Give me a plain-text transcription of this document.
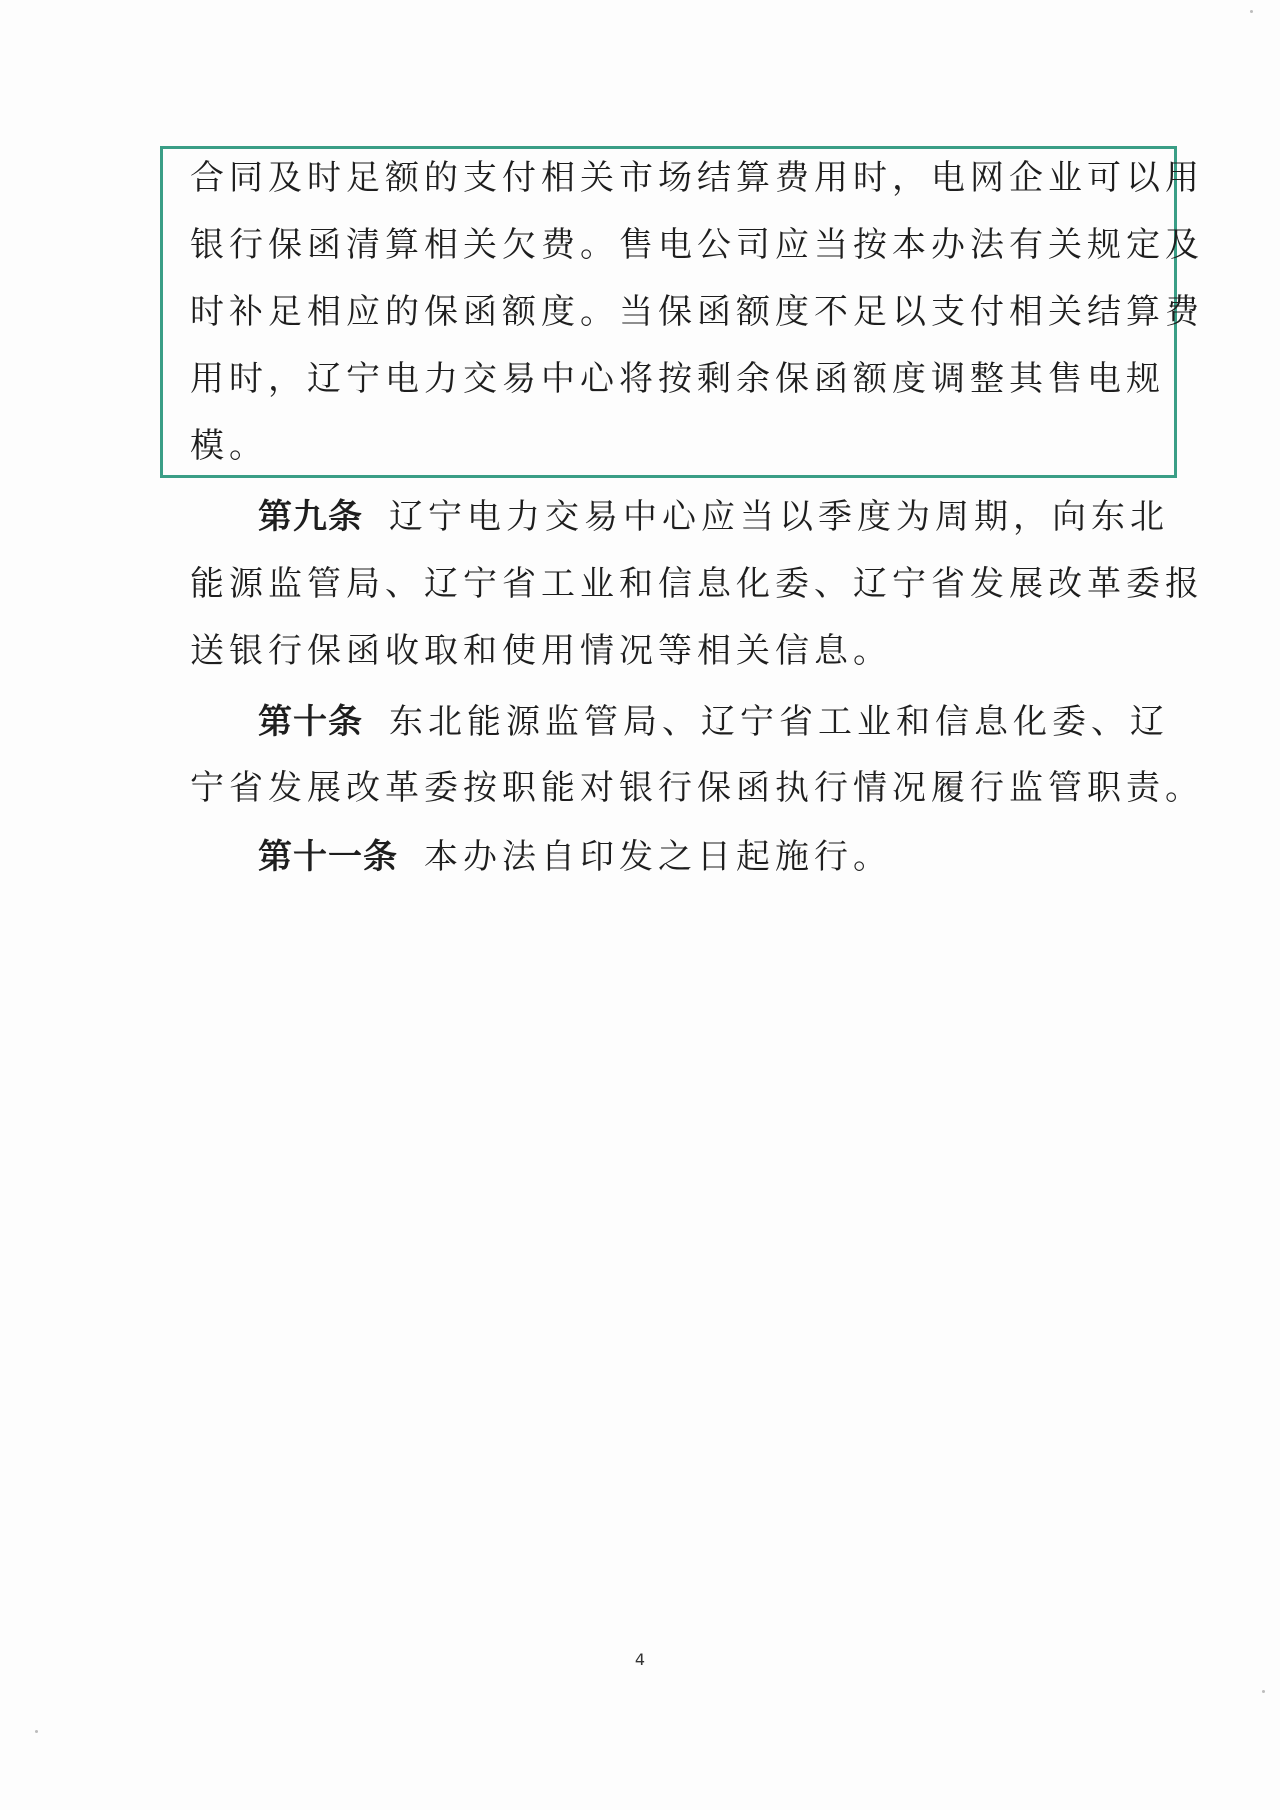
合同及时足额的支付相关市场结算费用时，电网企业可以用
银行保函清算相关欠费。售电公司应当按本办法有关规定及
时补足相应的保函额度。当保函额度不足以支付相关结算费
用时，辽宁电力交易中心将按剩余保函额度调整其售电规
模。
第九条 辽宁电力交易中心应当以季度为周期，向东北
能源监管局、辽宁省工业和信息化委、辽宁省发展改革委报
送银行保函收取和使用情况等相关信息。
第十条 东北能源监管局、辽宁省工业和信息化委、辽
宁省发展改革委按职能对银行保函执行情况履行监管职责。
第十一条 本办法自印发之日起施行。
4
